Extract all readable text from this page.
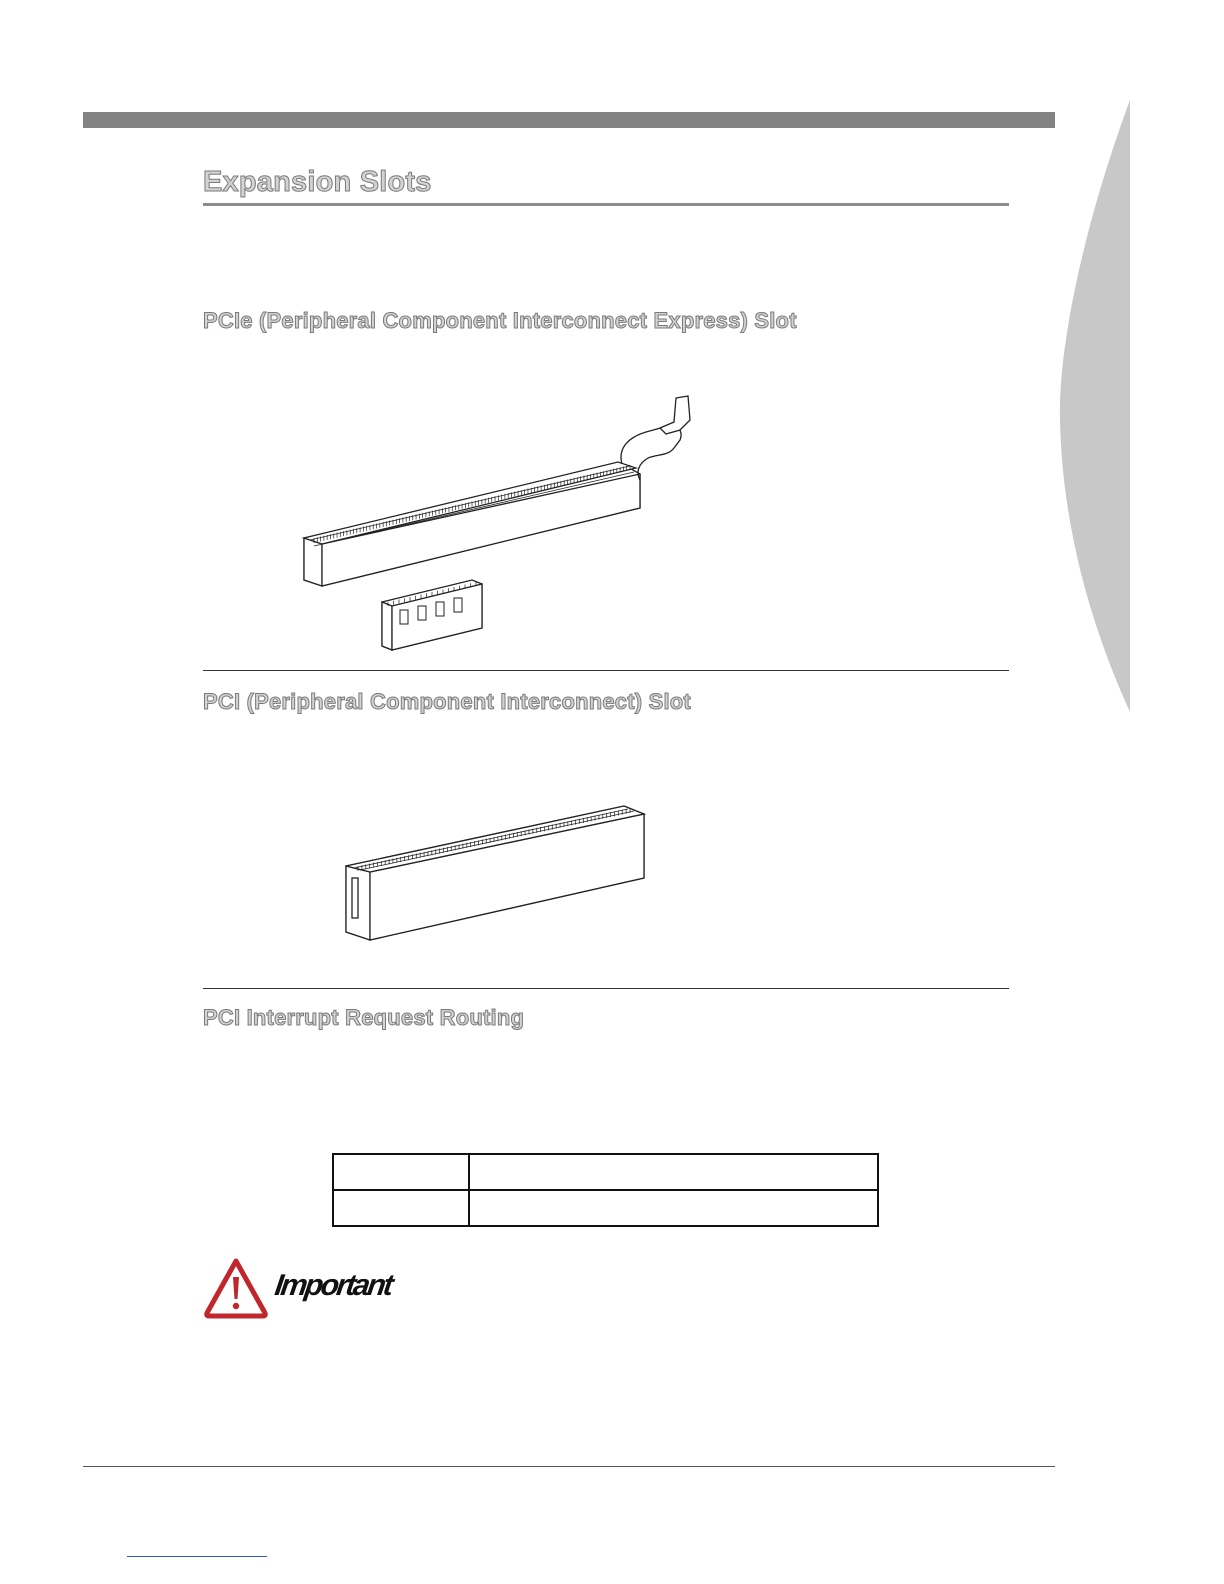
Expansion Slots
PCIe (Peripheral Component Interconnect Express) Slot
PCI (Peripheral Component Interconnect) Slot
PCI Interrupt Request Routing

Important
